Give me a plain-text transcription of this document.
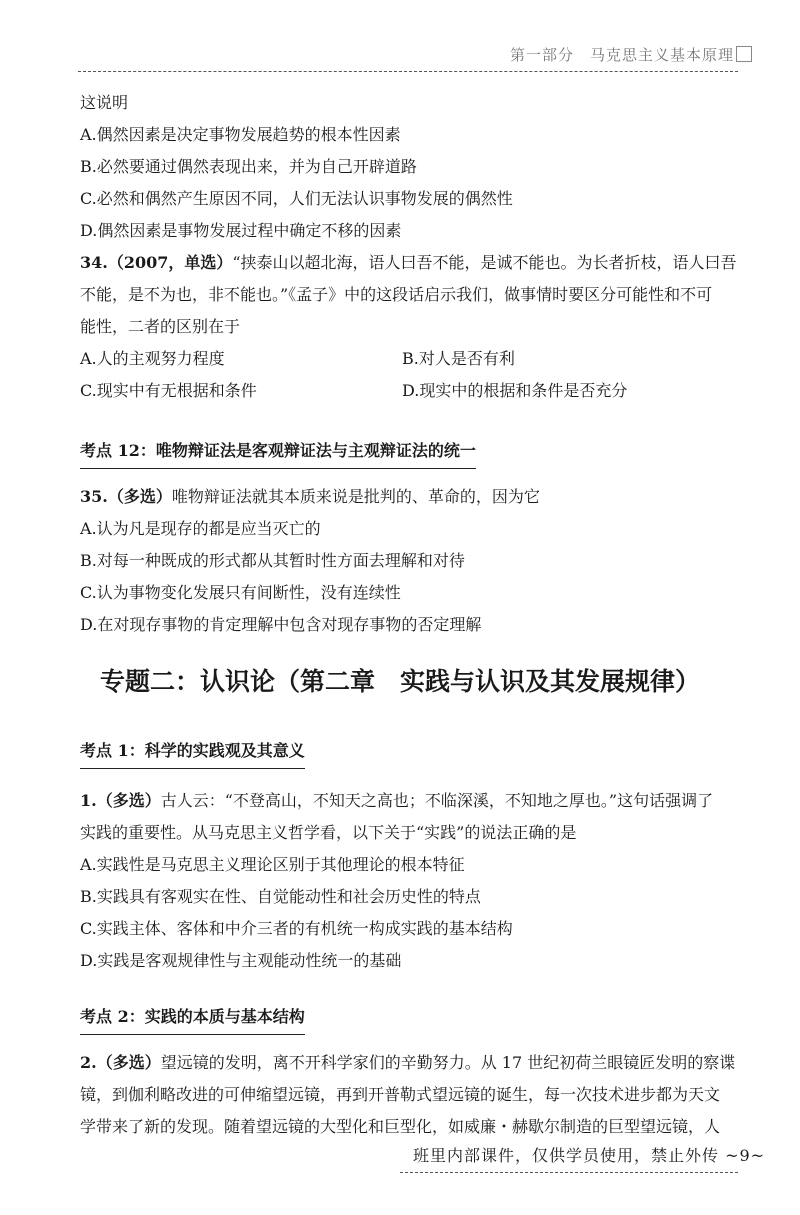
第一部分　马克思主义基本原理
这说明
A.偶然因素是决定事物发展趋势的根本性因素
B.必然要通过偶然表现出来，并为自己开辟道路
C.必然和偶然产生原因不同，人们无法认识事物发展的偶然性
D.偶然因素是事物发展过程中确定不移的因素
34.（2007，单选）“挟泰山以超北海，语人曰吾不能，是诚不能也。为长者折枝，语人曰吾
不能，是不为也，非不能也。”《孟子》中的这段话启示我们，做事情时要区分可能性和不可
能性，二者的区别在于
A.人的主观努力程度	B.对人是否有利
C.现实中有无根据和条件	D.现实中的根据和条件是否充分
考点 12：唯物辩证法是客观辩证法与主观辩证法的统一
35.（多选）唯物辩证法就其本质来说是批判的、革命的，因为它
A.认为凡是现存的都是应当灭亡的
B.对每一种既成的形式都从其暂时性方面去理解和对待
C.认为事物变化发展只有间断性，没有连续性
D.在对现存事物的肯定理解中包含对现存事物的否定理解
专题二：认识论（第二章　实践与认识及其发展规律）
考点 1：科学的实践观及其意义
1.（多选）古人云：“不登高山，不知天之高也；不临深溪，不知地之厚也。”这句话强调了
实践的重要性。从马克思主义哲学看，以下关于“实践”的说法正确的是
A.实践性是马克思主义理论区别于其他理论的根本特征
B.实践具有客观实在性、自觉能动性和社会历史性的特点
C.实践主体、客体和中介三者的有机统一构成实践的基本结构
D.实践是客观规律性与主观能动性统一的基础
考点 2：实践的本质与基本结构
2.（多选）望远镜的发明，离不开科学家们的辛勤努力。从 17 世纪初荷兰眼镜匠发明的察谍
镜，到伽利略改进的可伸缩望远镜，再到开普勒式望远镜的诞生，每一次技术进步都为天文
学带来了新的发现。随着望远镜的大型化和巨型化，如威廉・赫歇尔制造的巨型望远镜，人
班里内部课件，仅供学员使用，禁止外传 ~9~
